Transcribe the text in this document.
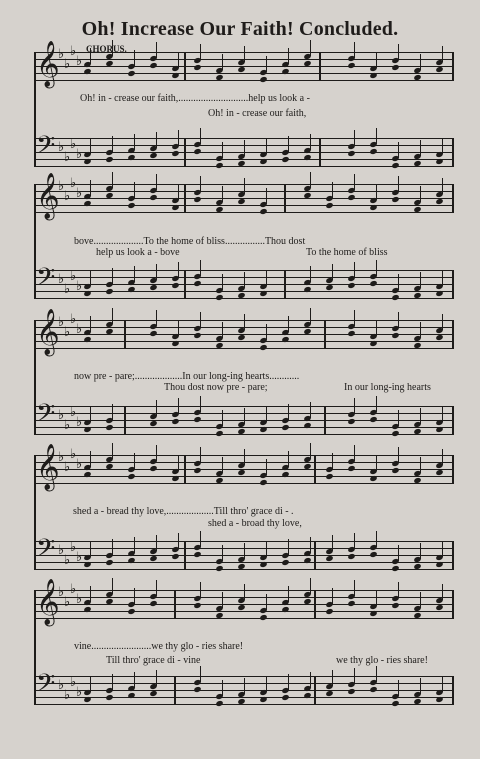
Oh! Increase Our Faith! Concluded.
𝄞
♭
♭
♭
♭
𝄢 ♭
♭
♭
♭
𝄞
♭
♭
♭
♭
𝄢 ♭
♭
♭
♭
𝄞
♭
♭
♭
♭
𝄢 ♭
♭
♭
♭
𝄞
♭
♭
♭
♭
𝄢 ♭
♭
♭
♭
𝄞
♭
♭
♭
♭
𝄢 ♭
♭
♭
♭
CHORUS.
Oh! in - crease our faith,............................help us look a -
Oh! in - crease our faith,
bove....................To the home of bliss................Thou dost
help us look a - bove	To the home of bliss
now pre - pare;...................In our long-ing hearts............
Thou dost now pre - pare;	In our long-ing hearts
shed a - bread thy love,...................Till thro' grace di - .
shed a - broad thy love,
vine........................we thy glo - ries share!
Till thro' grace di - vine	we thy glo - ries share!
